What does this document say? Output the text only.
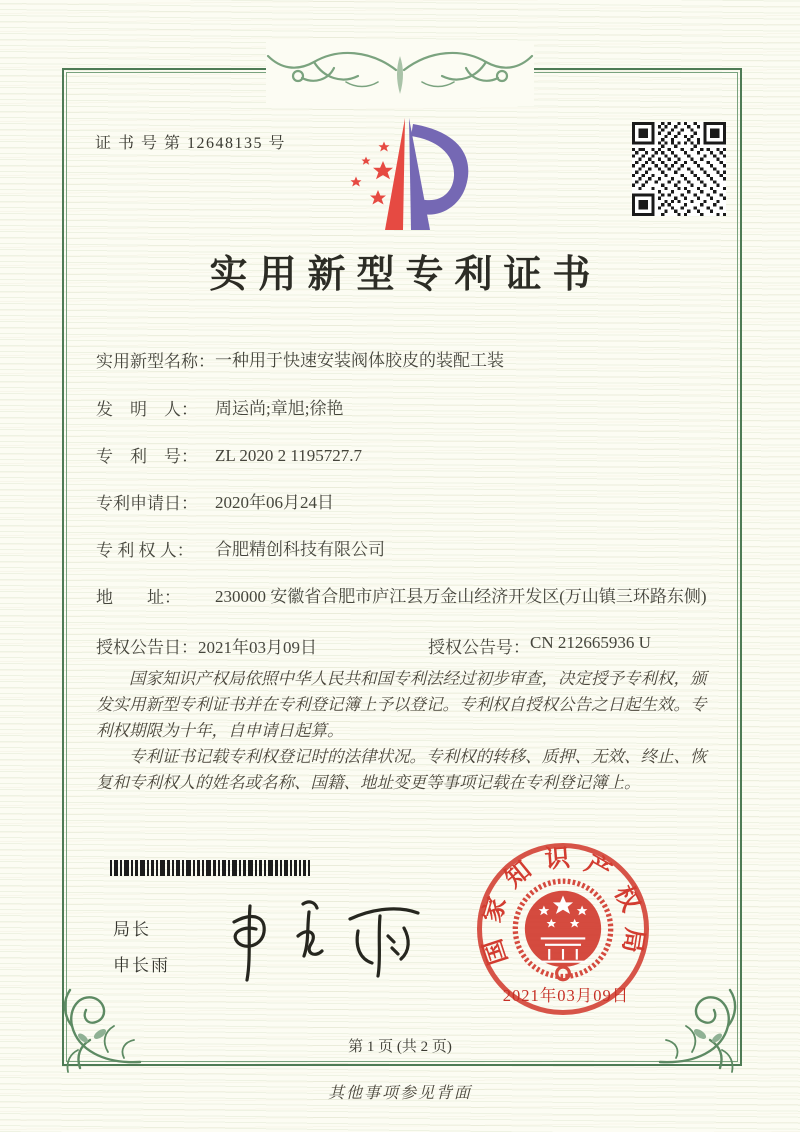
证 书 号 第 12648135 号
实用新型专利证书
实用新型名称： 一种用于快速安装阀体胶皮的装配工装
发　明　人：	周运尚;章旭;徐艳
专　利　号：	ZL 2020 2 1195727.7
专利申请日：	2020年06月24日
专 利 权 人：	合肥精创科技有限公司
地　　址：	230000 安徽省合肥市庐江县万金山经济开发区(万山镇三环路东侧)
授权公告日： 2021年03月09日	授权公告号： CN 212665936 U

国家知识产权局依照中华人民共和国专利法经过初步审查，决定授予专利权，颁发实用新型专利证书并在专利登记簿上予以登记。专利权自授权公告之日起生效。专利权期限为十年，自申请日起算。

专利证书记载专利权登记时的法律状况。专利权的转移、质押、无效、终止、恢复和专利权人的姓名或名称、国籍、地址变更等事项记载在专利登记簿上。

局长
申长雨	国家知识产权局
2021年03月09日
第 1 页 (共 2 页)
其他事项参见背面
